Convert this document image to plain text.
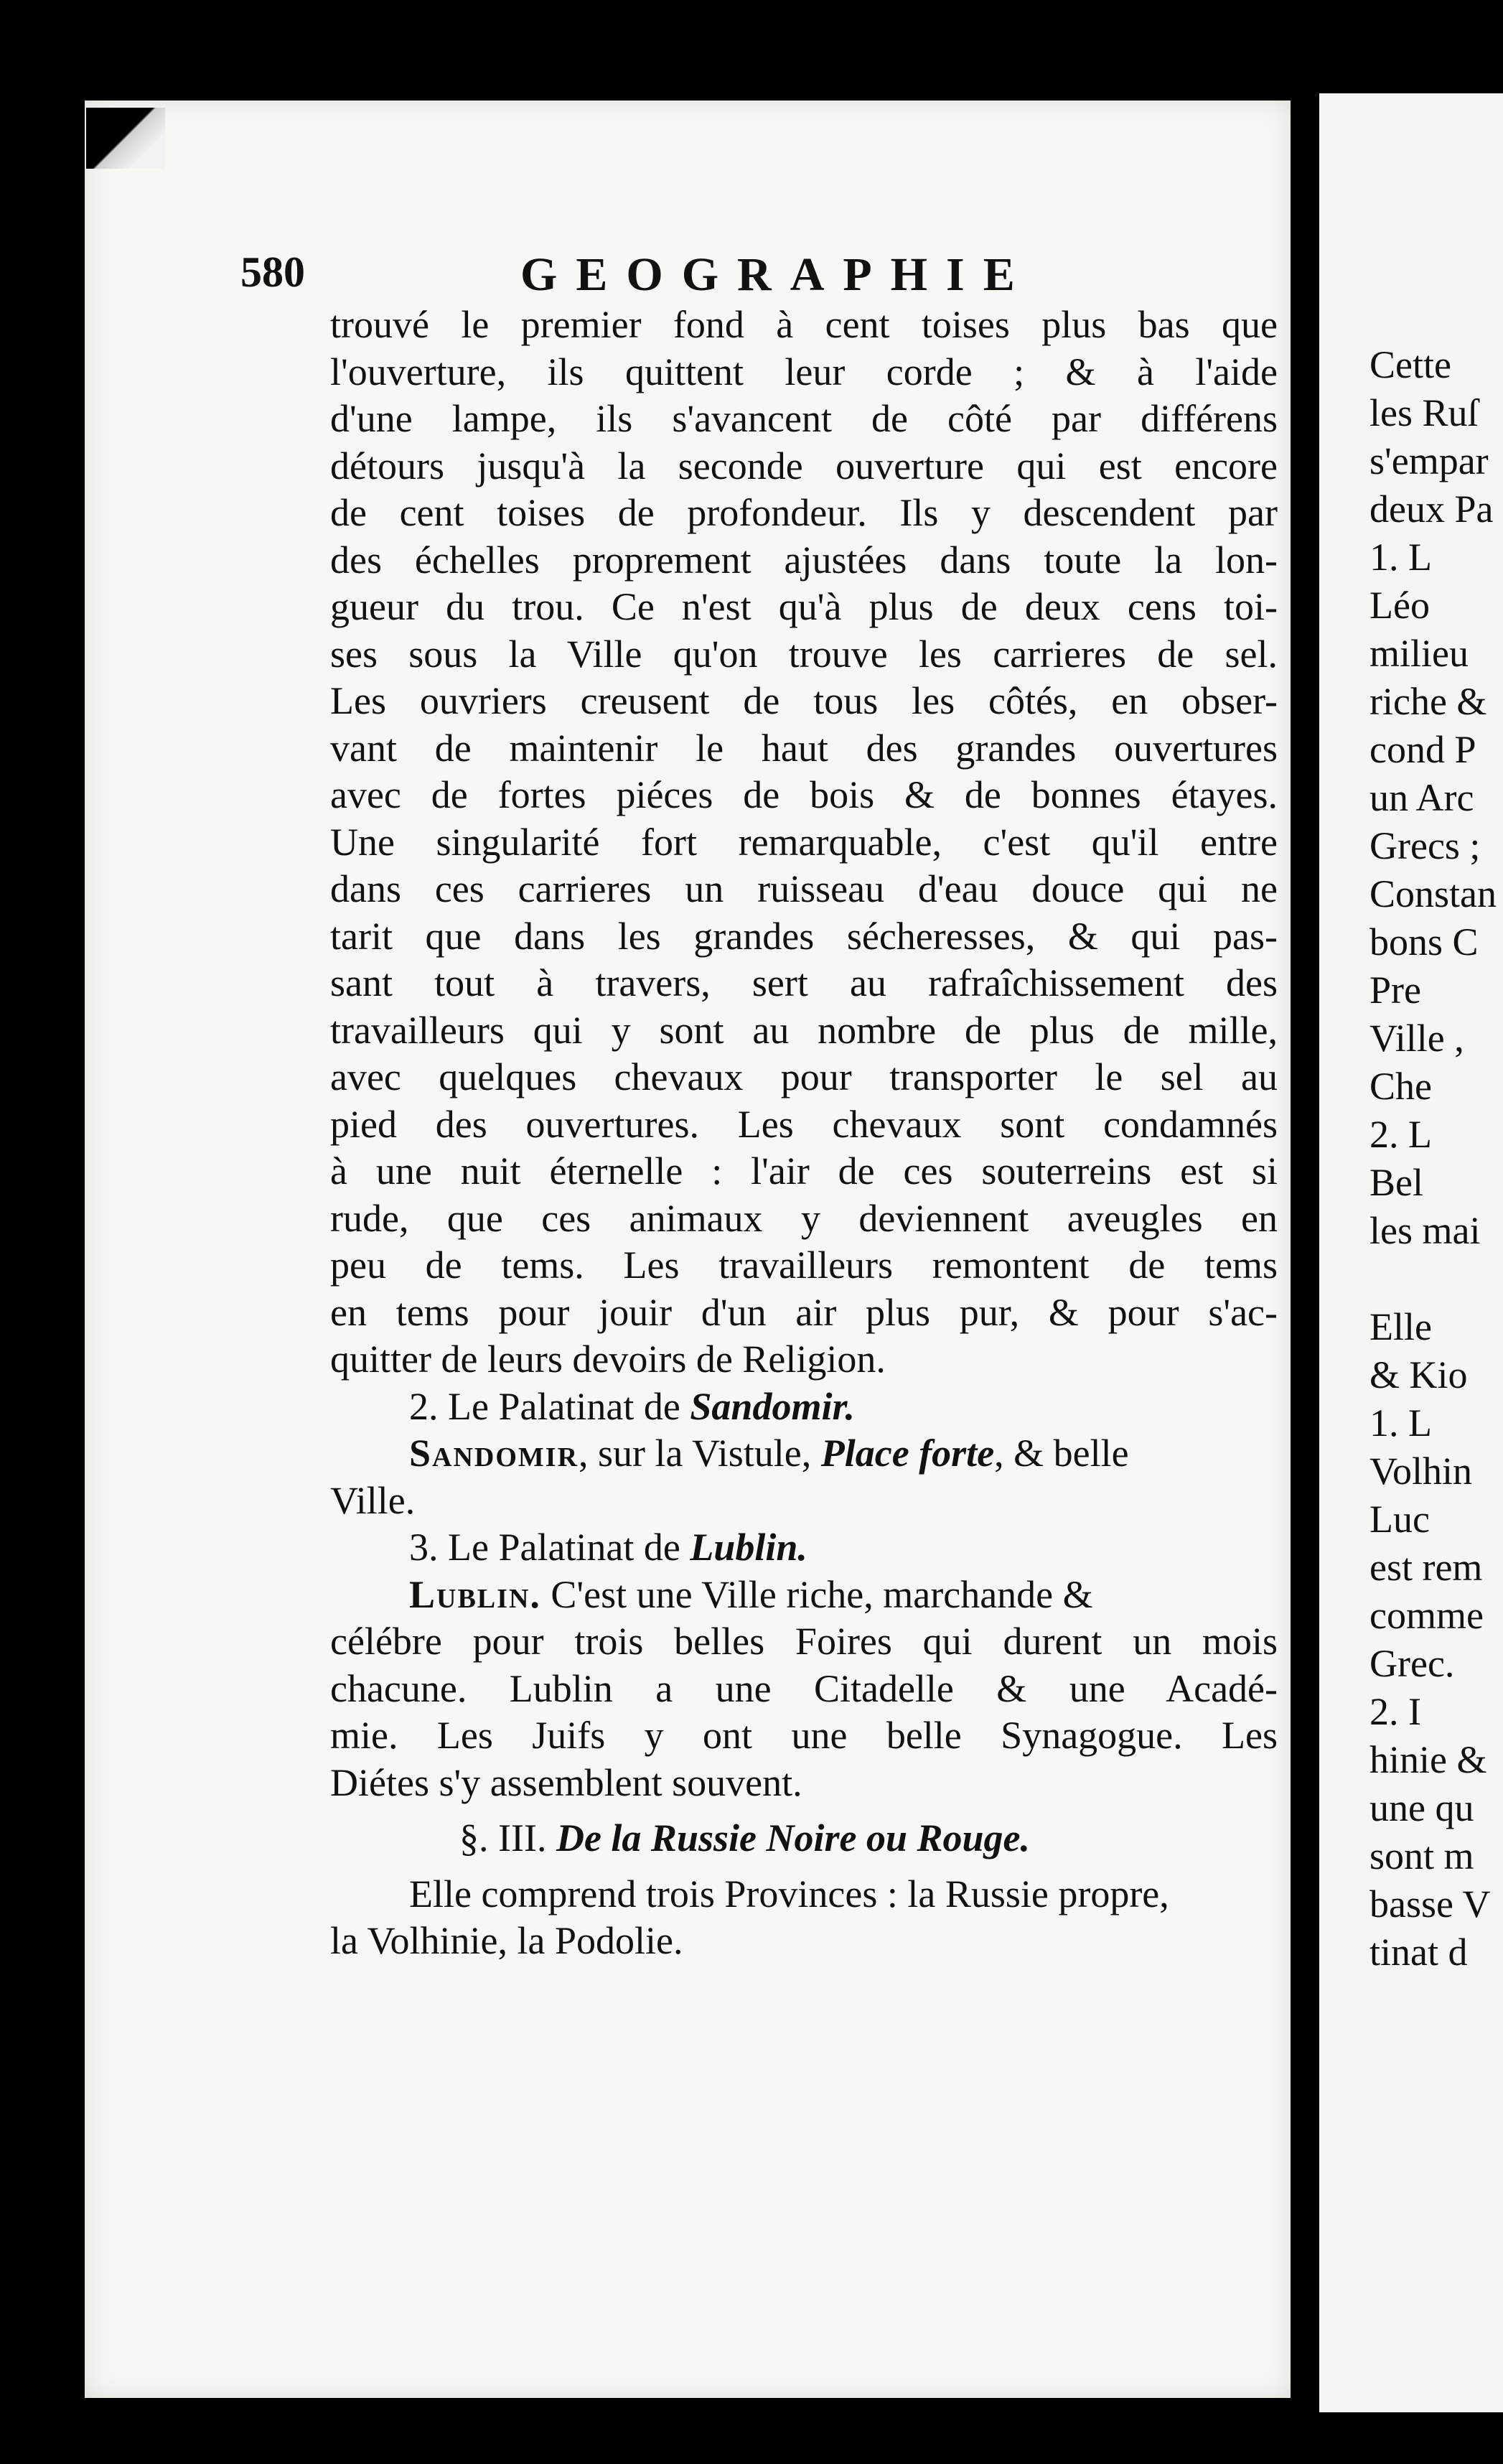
580	GEOGRAPHIE
trouvé le premier fond à cent toises plus bas que
l'ouverture, ils quittent leur corde ; & à l'aide
d'une lampe, ils s'avancent de côté par différens
détours jusqu'à la seconde ouverture qui est encore
de cent toises de profondeur. Ils y descendent par
des échelles proprement ajustées dans toute la lon-
gueur du trou. Ce n'est qu'à plus de deux cens toi-
ses sous la Ville qu'on trouve les carrieres de sel.
Les ouvriers creusent de tous les côtés, en obser-
vant de maintenir le haut des grandes ouvertures
avec de fortes piéces de bois & de bonnes étayes.
Une singularité fort remarquable, c'est qu'il entre
dans ces carrieres un ruisseau d'eau douce qui ne
tarit que dans les grandes sécheresses, & qui pas-
sant tout à travers, sert au rafraîchissement des
travailleurs qui y sont au nombre de plus de mille,
avec quelques chevaux pour transporter le sel au
pied des ouvertures. Les chevaux sont condamnés
à une nuit éternelle : l'air de ces souterreins est si
rude, que ces animaux y deviennent aveugles en
peu de tems. Les travailleurs remontent de tems
en tems pour jouir d'un air plus pur, & pour s'ac-
quitter de leurs devoirs de Religion.
2. Le Palatinat de Sandomir.
Sandomir, sur la Vistule, Place forte, & belle
Ville.
3. Le Palatinat de Lublin.
Lublin. C'est une Ville riche, marchande &
célébre pour trois belles Foires qui durent un mois
chacune. Lublin a une Citadelle & une Acadé-
mie. Les Juifs y ont une belle Synagogue. Les
Diétes s'y assemblent souvent.
§. III. De la Russie Noire ou Rouge.
Elle comprend trois Provinces : la Russie propre,
la Volhinie, la Podolie.
Cette
les Ruſ
s'empar
deux Pa
1. L
Léo
milieu
riche &
cond P
un Arc
Grecs ;
Constan
bons C
Pre
Ville ,
Che
2. L
Bel
les mai
Elle
& Kio
1. L
Volhin
Luc
est rem
comme
Grec.
2. I
hinie &
une qu
sont m
basse V
tinat d
